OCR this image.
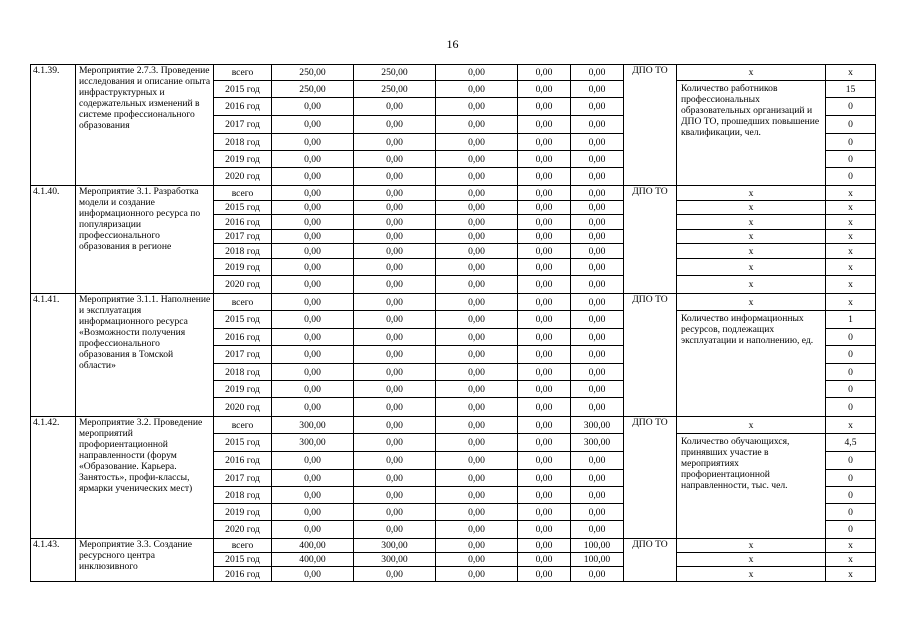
16
4.1.39.	Мероприятие 2.7.3. Проведение исследования и описание опыта инфраструктурных и содержательных изменений в системе профессионального образования	всего	250,00	250,00	0,00	0,00	0,00	ДПО ТО	x	x
		2015 год	250,00	250,00	0,00	0,00	0,00		Количество работников профессиональных образовательных организаций и ДПО ТО, прошедших повышение квалификации, чел.	15
		2016 год	0,00	0,00	0,00	0,00	0,00			0
		2017 год	0,00	0,00	0,00	0,00	0,00			0
		2018 год	0,00	0,00	0,00	0,00	0,00			0
		2019 год	0,00	0,00	0,00	0,00	0,00			0
		2020 год	0,00	0,00	0,00	0,00	0,00			0
4.1.40.	Мероприятие 3.1. Разработка модели и создание информационного ресурса по популяризации профессионального образования в регионе	всего	0,00	0,00	0,00	0,00	0,00	ДПО ТО	x	x
		2015 год	0,00	0,00	0,00	0,00	0,00		x	x
		2016 год	0,00	0,00	0,00	0,00	0,00		x	x
		2017 год	0,00	0,00	0,00	0,00	0,00		x	x
		2018 год	0,00	0,00	0,00	0,00	0,00		x	x
		2019 год	0,00	0,00	0,00	0,00	0,00		x	x
		2020 год	0,00	0,00	0,00	0,00	0,00		x	x
4.1.41.	Мероприятие 3.1.1. Наполнение и эксплуатация информационного ресурса «Возможности получения профессионального образования в Томской области»	всего	0,00	0,00	0,00	0,00	0,00	ДПО ТО	x	x
		2015 год	0,00	0,00	0,00	0,00	0,00		Количество информационных ресурсов, подлежащих эксплуатации и наполнению, ед.	1
		2016 год	0,00	0,00	0,00	0,00	0,00			0
		2017 год	0,00	0,00	0,00	0,00	0,00			0
		2018 год	0,00	0,00	0,00	0,00	0,00			0
		2019 год	0,00	0,00	0,00	0,00	0,00			0
		2020 год	0,00	0,00	0,00	0,00	0,00			0
4.1.42.	Мероприятие 3.2. Проведение мероприятий профориентационной направленности (форум «Образование. Карьера. Занятость», профи-классы, ярмарки ученических мест)	всего	300,00	0,00	0,00	0,00	300,00	ДПО ТО	x	x
		2015 год	300,00	0,00	0,00	0,00	300,00		Количество обучающихся, принявших участие в мероприятиях профориентационной направленности, тыс. чел.	4,5
		2016 год	0,00	0,00	0,00	0,00	0,00			0
		2017 год	0,00	0,00	0,00	0,00	0,00			0
		2018 год	0,00	0,00	0,00	0,00	0,00			0
		2019 год	0,00	0,00	0,00	0,00	0,00			0
		2020 год	0,00	0,00	0,00	0,00	0,00			0
4.1.43.	Мероприятие 3.3. Создание ресурсного центра инклюзивного	всего	400,00	300,00	0,00	0,00	100,00	ДПО ТО	x	x
		2015 год	400,00	300,00	0,00	0,00	100,00		x	x
		2016 год	0,00	0,00	0,00	0,00	0,00		x	x
